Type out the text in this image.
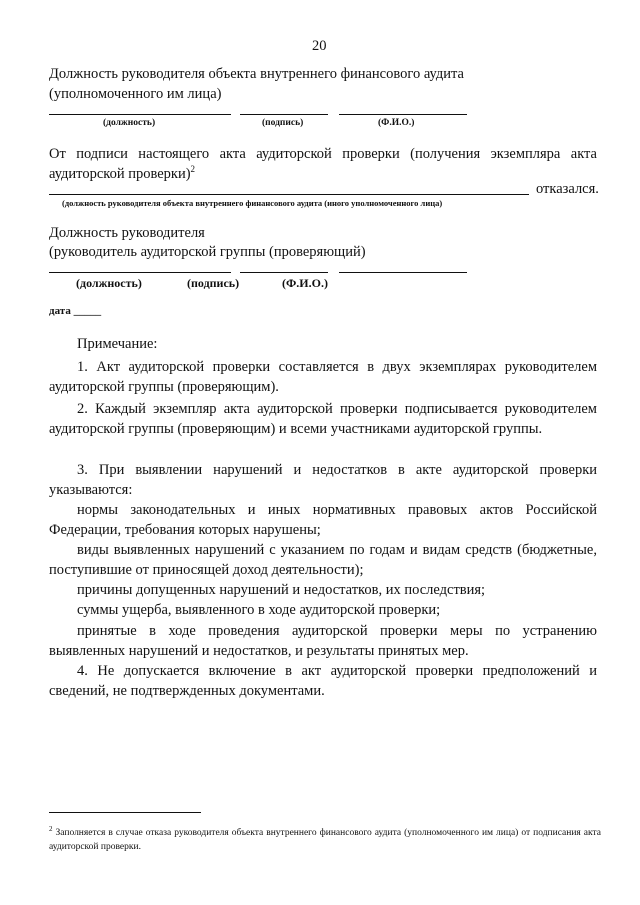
20
Должность руководителя объекта внутреннего финансового аудита
(уполномоченного им лица)
(должность)	(подпись)	(Ф.И.О.)
От подписи настоящего акта аудиторской проверки (получения экземпляра акта
аудиторской проверки)$^2$
отказался.
(должность руководителя объекта внутреннего финансового аудита (иного уполномоченного лица)
Должность руководителя
(руководитель аудиторской группы (проверяющий)
(должность)	(подпись)	(Ф.И.О.)
дата _____
Примечание:
1. Акт аудиторской проверки составляется в двух экземплярах руководителем аудиторской группы (проверяющим).
2. Каждый экземпляр акта аудиторской проверки подписывается руководителем аудиторской группы (проверяющим) и всеми участниками аудиторской группы.
3. При выявлении нарушений и недостатков в акте аудиторской проверки указываются:
нормы законодательных и иных нормативных правовых актов Российской Федерации, требования которых нарушены;
виды выявленных нарушений с указанием по годам и видам средств (бюджетные, поступившие от приносящей доход деятельности);
причины допущенных нарушений и недостатков, их последствия;
суммы ущерба, выявленного в ходе аудиторской проверки;
принятые в ходе проведения аудиторской проверки меры по устранению выявленных нарушений и недостатков, и результаты принятых мер.
4. Не допускается включение в акт аудиторской проверки предположений и сведений, не подтвержденных документами.
$^2$ Заполняется в случае отказа руководителя объекта внутреннего финансового аудита (уполномоченного им лица) от подписания акта аудиторской проверки.
